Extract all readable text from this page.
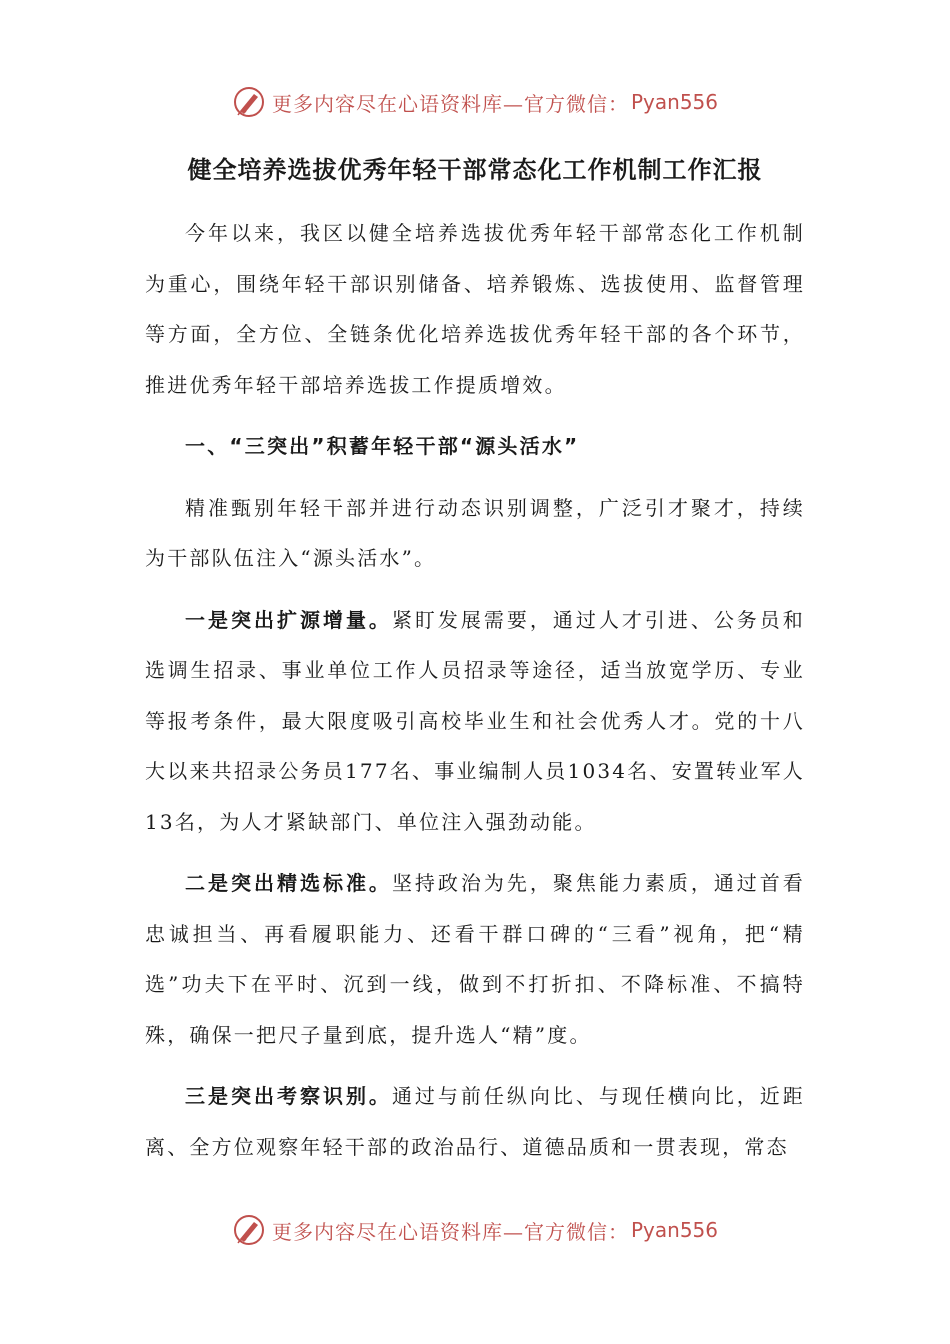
更多内容尽在心语资料库—官方微信： Pyan556
健全培养选拔优秀年轻干部常态化工作机制工作汇报

今年以来，我区以健全培养选拔优秀年轻干部常态化工作机制为重心，围绕年轻干部识别储备、培养锻炼、选拔使用、监督管理等方面，全方位、全链条优化培养选拔优秀年轻干部的各个环节，推进优秀年轻干部培养选拔工作提质增效。

一、“三突出”积蓄年轻干部“源头活水”

精准甄别年轻干部并进行动态识别调整，广泛引才聚才，持续为干部队伍注入“源头活水”。

一是突出扩源增量。紧盯发展需要，通过人才引进、公务员和选调生招录、事业单位工作人员招录等途径，适当放宽学历、专业等报考条件，最大限度吸引高校毕业生和社会优秀人才。党的十八大以来共招录公务员177名、事业编制人员1034名、安置转业军人13名，为人才紧缺部门、单位注入强劲动能。

二是突出精选标准。坚持政治为先，聚焦能力素质，通过首看忠诚担当、再看履职能力、还看干群口碑的“三看”视角，把“精选”功夫下在平时、沉到一线，做到不打折扣、不降标准、不搞特殊，确保一把尺子量到底，提升选人“精”度。

三是突出考察识别。通过与前任纵向比、与现任横向比，近距离、全方位观察年轻干部的政治品行、道德品质和一贯表现，常态

更多内容尽在心语资料库—官方微信： Pyan556
